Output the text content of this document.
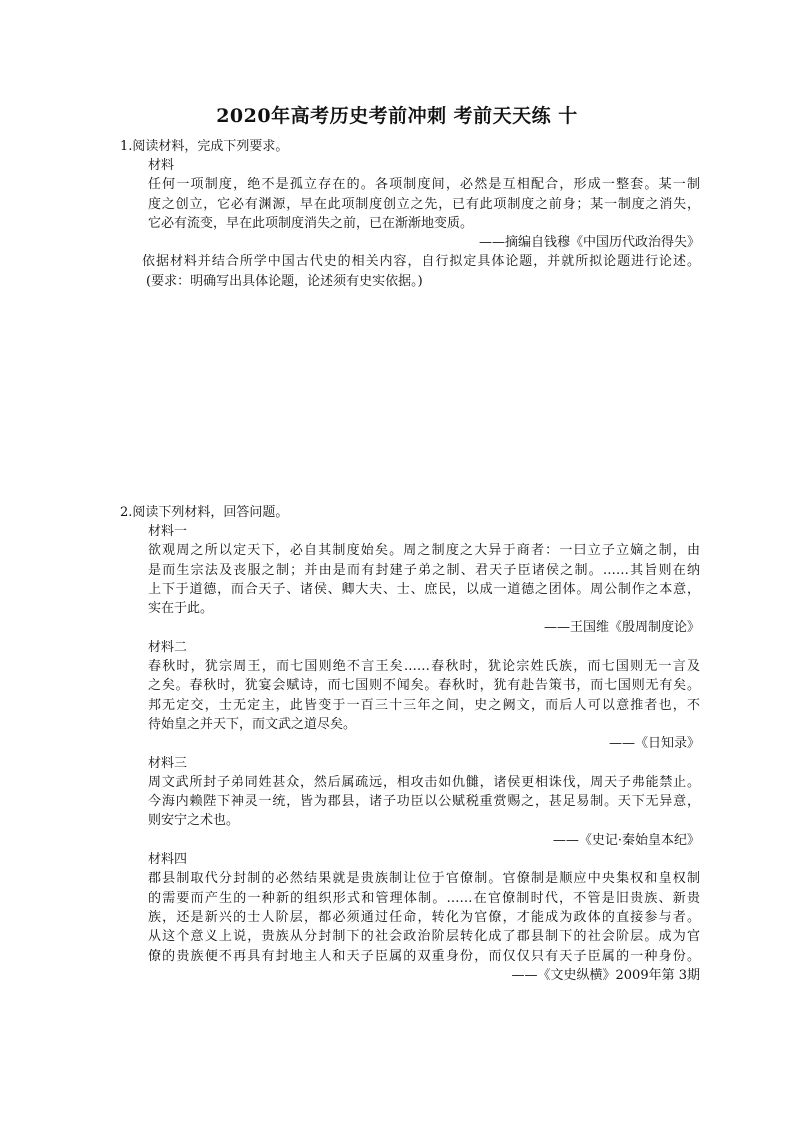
2020年高考历史考前冲刺 考前天天练 十
1.阅读材料，完成下列要求。
材料
任何一项制度，绝不是孤立存在的。各项制度间，必然是互相配合，形成一整套。某一制
度之创立，它必有渊源，早在此项制度创立之先，已有此项制度之前身；某一制度之消失，
它必有流变，早在此项制度消失之前，已在渐渐地变质。
——摘编自钱穆《中国历代政治得失》
依据材料并结合所学中国古代史的相关内容，自行拟定具体论题，并就所拟论题进行论述。
(要求：明确写出具体论题，论述须有史实依据。)
2.阅读下列材料，回答问题。
材料一
欲观周之所以定天下，必自其制度始矣。周之制度之大异于商者：一曰立子立嫡之制，由
是而生宗法及丧服之制；并由是而有封建子弟之制、君天子臣诸侯之制。……其旨则在纳
上下于道德，而合天子、诸侯、卿大夫、士、庶民，以成一道德之团体。周公制作之本意，
实在于此。
——王国维《殷周制度论》
材料二
春秋时，犹宗周王，而七国则绝不言王矣……春秋时，犹论宗姓氏族，而七国则无一言及
之矣。春秋时，犹宴会赋诗，而七国则不闻矣。春秋时，犹有赴告策书，而七国则无有矣。
邦无定交，士无定主，此皆变于一百三十三年之间，史之阙文，而后人可以意推者也，不
待始皇之并天下，而文武之道尽矣。
——《日知录》
材料三
周文武所封子弟同姓甚众，然后属疏远，相攻击如仇雠，诸侯更相诛伐，周天子弗能禁止。
今海内赖陛下神灵一统，皆为郡县，诸子功臣以公赋税重赏赐之，甚足易制。天下无异意，
则安宁之术也。
——《史记·秦始皇本纪》
材料四
郡县制取代分封制的必然结果就是贵族制让位于官僚制。官僚制是顺应中央集权和皇权制
的需要而产生的一种新的组织形式和管理体制。……在官僚制时代，不管是旧贵族、新贵
族，还是新兴的士人阶层，都必须通过任命，转化为官僚，才能成为政体的直接参与者。
从这个意义上说，贵族从分封制下的社会政治阶层转化成了郡县制下的社会阶层。成为官
僚的贵族便不再具有封地主人和天子臣属的双重身份，而仅仅只有天子臣属的一种身份。
——《文史纵横》2009年第 3期
